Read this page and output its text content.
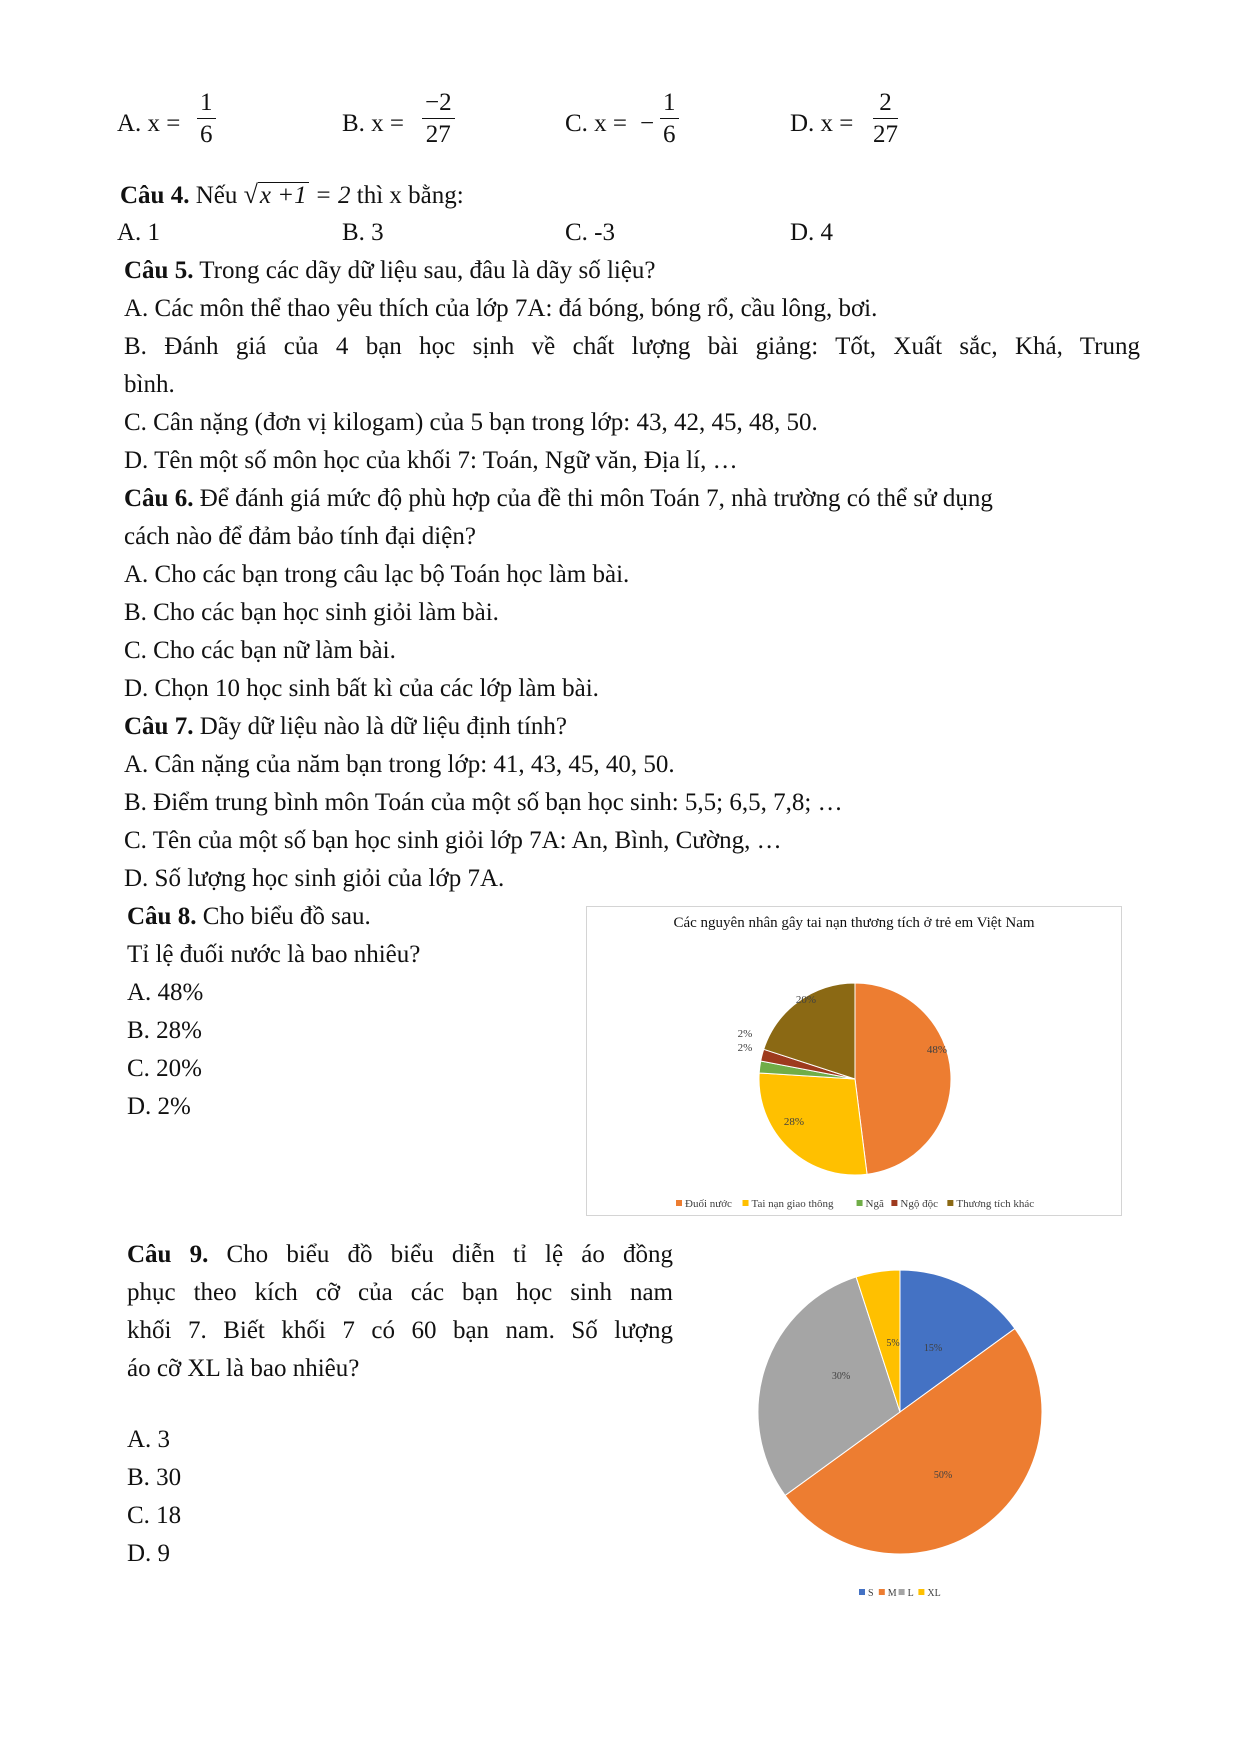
A. $x = \frac{1}{6}$	B. $x = \frac{-2}{27}$	C. x = − $\frac{1}{6}$	D. $x = \frac{2}{27}$
Câu 4. Nếu √x +1 = 2 thì x bằng:
A. 1	B. 3	C. -3	D. 4
Câu 5. Trong các dãy dữ liệu sau, đâu là dãy số liệu?
A. Các môn thể thao yêu thích của lớp 7A: đá bóng, bóng rổ, cầu lông, bơi.
B. Đánh giá của 4 bạn học sịnh về chất lượng bài giảng: Tốt, Xuất sắc, Khá, Trung
bình.
C. Cân nặng (đơn vị kilogam) của 5 bạn trong lớp: 43, 42, 45, 48, 50.
D. Tên một số môn học của khối 7: Toán, Ngữ văn, Địa lí, …
Câu 6. Để đánh giá mức độ phù hợp của đề thi môn Toán 7, nhà trường có thể sử dụng
cách nào để đảm bảo tính đại diện?
A. Cho các bạn trong câu lạc bộ Toán học làm bài.
B. Cho các bạn học sinh giỏi làm bài.
C. Cho các bạn nữ làm bài.
D. Chọn 10 học sinh bất kì của các lớp làm bài.
Câu 7. Dãy dữ liệu nào là dữ liệu định tính?
A. Cân nặng của năm bạn trong lớp: 41, 43, 45, 40, 50.
B. Điểm trung bình môn Toán của một số bạn học sinh: 5,5; 6,5, 7,8; …
C. Tên của một số bạn học sinh giỏi lớp 7A: An, Bình, Cường, …
D. Số lượng học sinh giỏi của lớp 7A.
Câu 8. Cho biểu đồ sau.
Tỉ lệ đuối nước là bao nhiêu?
A. 48%
B. 28%
C. 20%
D. 2%
Các nguyên nhân gây tai nạn thương tích ở trẻ em Việt Nam
48%
28%
2%
2%
20%
Đuối nước Tai nạn giao thông	Ngã Ngộ độc Thương tích khác
Câu 9. Cho biểu đồ biểu diễn tỉ lệ áo đồng
phục theo kích cỡ của các bạn học sinh nam
khối 7. Biết khối 7 có 60 bạn nam. Số lượng
áo cỡ XL là bao nhiêu?
A. 3
B. 30
C. 18
D. 9
15%
50%
30%
5%
S M L XL
